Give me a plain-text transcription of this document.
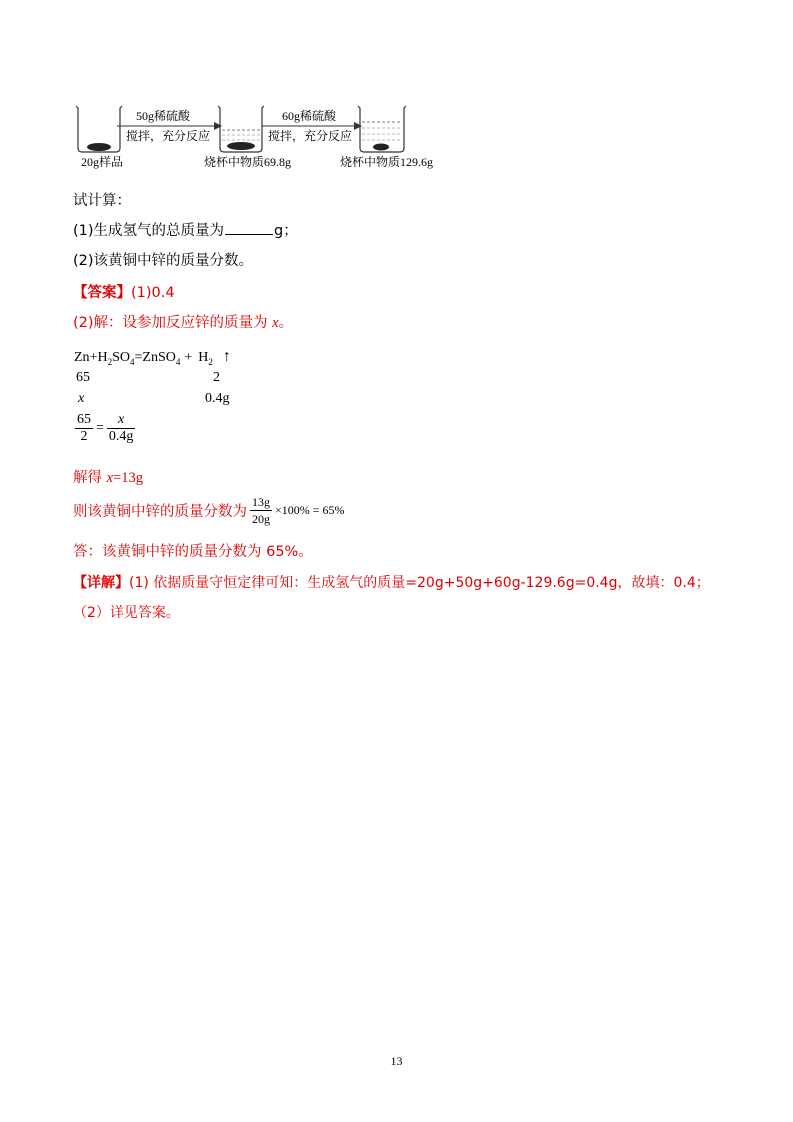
50g稀硫酸
搅拌，充分反应
60g稀硫酸
搅拌，充分反应
20g样品	烧杯中物质69.8g	烧杯中物质129.6g
试计算：
(1)生成氢气的总质量为	g；
(2)该黄铜中锌的质量分数。
【答案】(1)0.4
(2)解：设参加反应锌的质量为 x。
$Zn+H_2SO_4=ZnSO_4 + H_2$ ↑
65	2
x	0.4g
$\frac{65}{2} = \frac{x}{0.4g}$
解得 x=13g
则该黄铜中锌的质量分数为 $\frac{13g}{20g} \times 100\% = 65\%$
答：该黄铜中锌的质量分数为 65%。
【详解】(1) 依据质量守恒定律可知：生成氢气的质量=20g+50g+60g-129.6g=0.4g，故填：0.4；
（2）详见答案。
13
